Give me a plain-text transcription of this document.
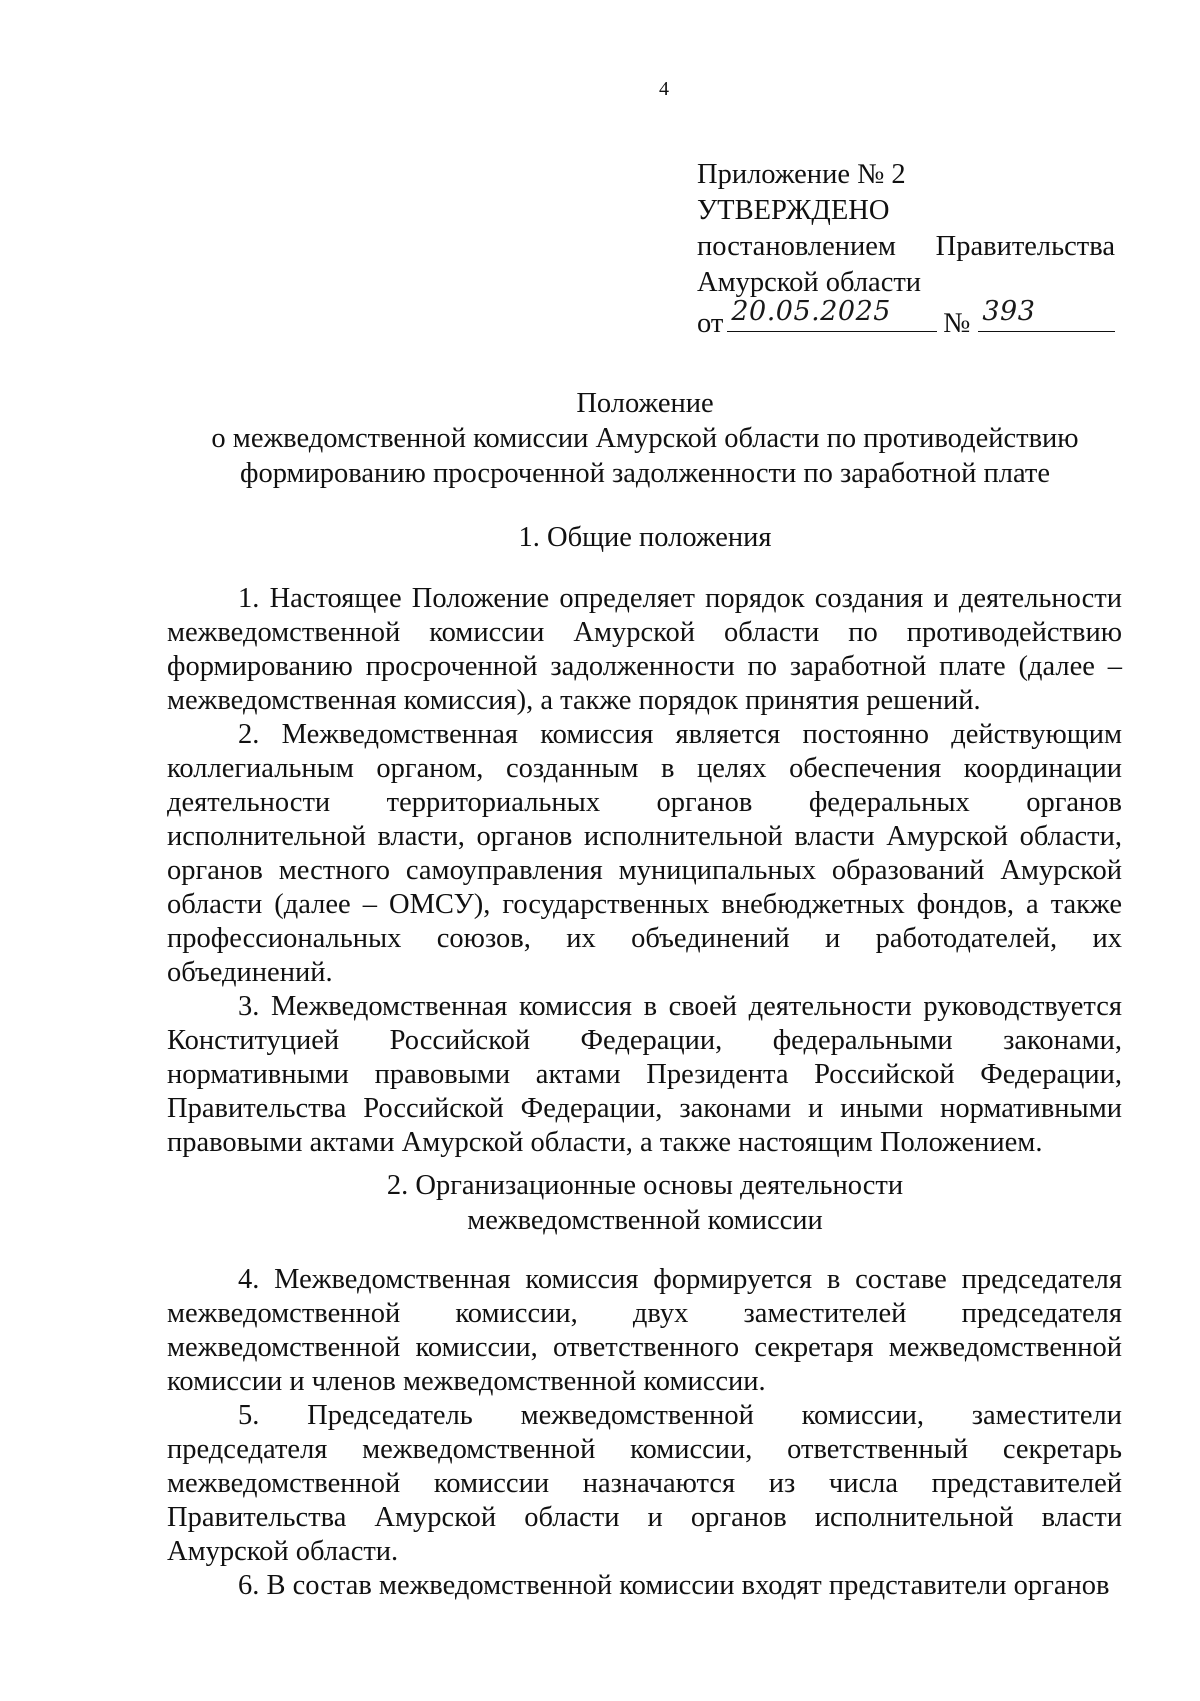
4
Приложение № 2
УТВЕРЖДЕНО
постановлением Правительства
Амурской области
от 20.05.2025 № 393
Положение
о межведомственной комиссии Амурской области по противодействию
формированию просроченной задолженности по заработной плате
1. Общие положения

1. Настоящее Положение определяет порядок создания и деятельности межведомственной комиссии Амурской области по противодействию формированию просроченной задолженности по заработной плате (далее – межведомственная комиссия), а также порядок принятия решений.

2. Межведомственная комиссия является постоянно действующим коллегиальным органом, созданным в целях обеспечения координации деятельности территориальных органов федеральных органов исполнительной власти, органов исполнительной власти Амурской области, органов местного самоуправления муниципальных образований Амурской области (далее – ОМСУ), государственных внебюджетных фондов, а также профессиональных союзов, их объединений и работодателей, их объединений.

3. Межведомственная комиссия в своей деятельности руководствуется Конституцией Российской Федерации, федеральными законами, нормативными правовыми актами Президента Российской Федерации, Правительства Российской Федерации, законами и иными нормативными правовыми актами Амурской области, а также настоящим Положением.

2. Организационные основы деятельности
межведомственной комиссии

4. Межведомственная комиссия формируется в составе председателя межведомственной комиссии, двух заместителей председателя межведомственной комиссии, ответственного секретаря межведомственной комиссии и членов межведомственной комиссии.

5. Председатель межведомственной комиссии, заместители председателя межведомственной комиссии, ответственный секретарь межведомственной комиссии назначаются из числа представителей Правительства Амурской области и органов исполнительной власти Амурской области.

6. В состав межведомственной комиссии входят представители органов
